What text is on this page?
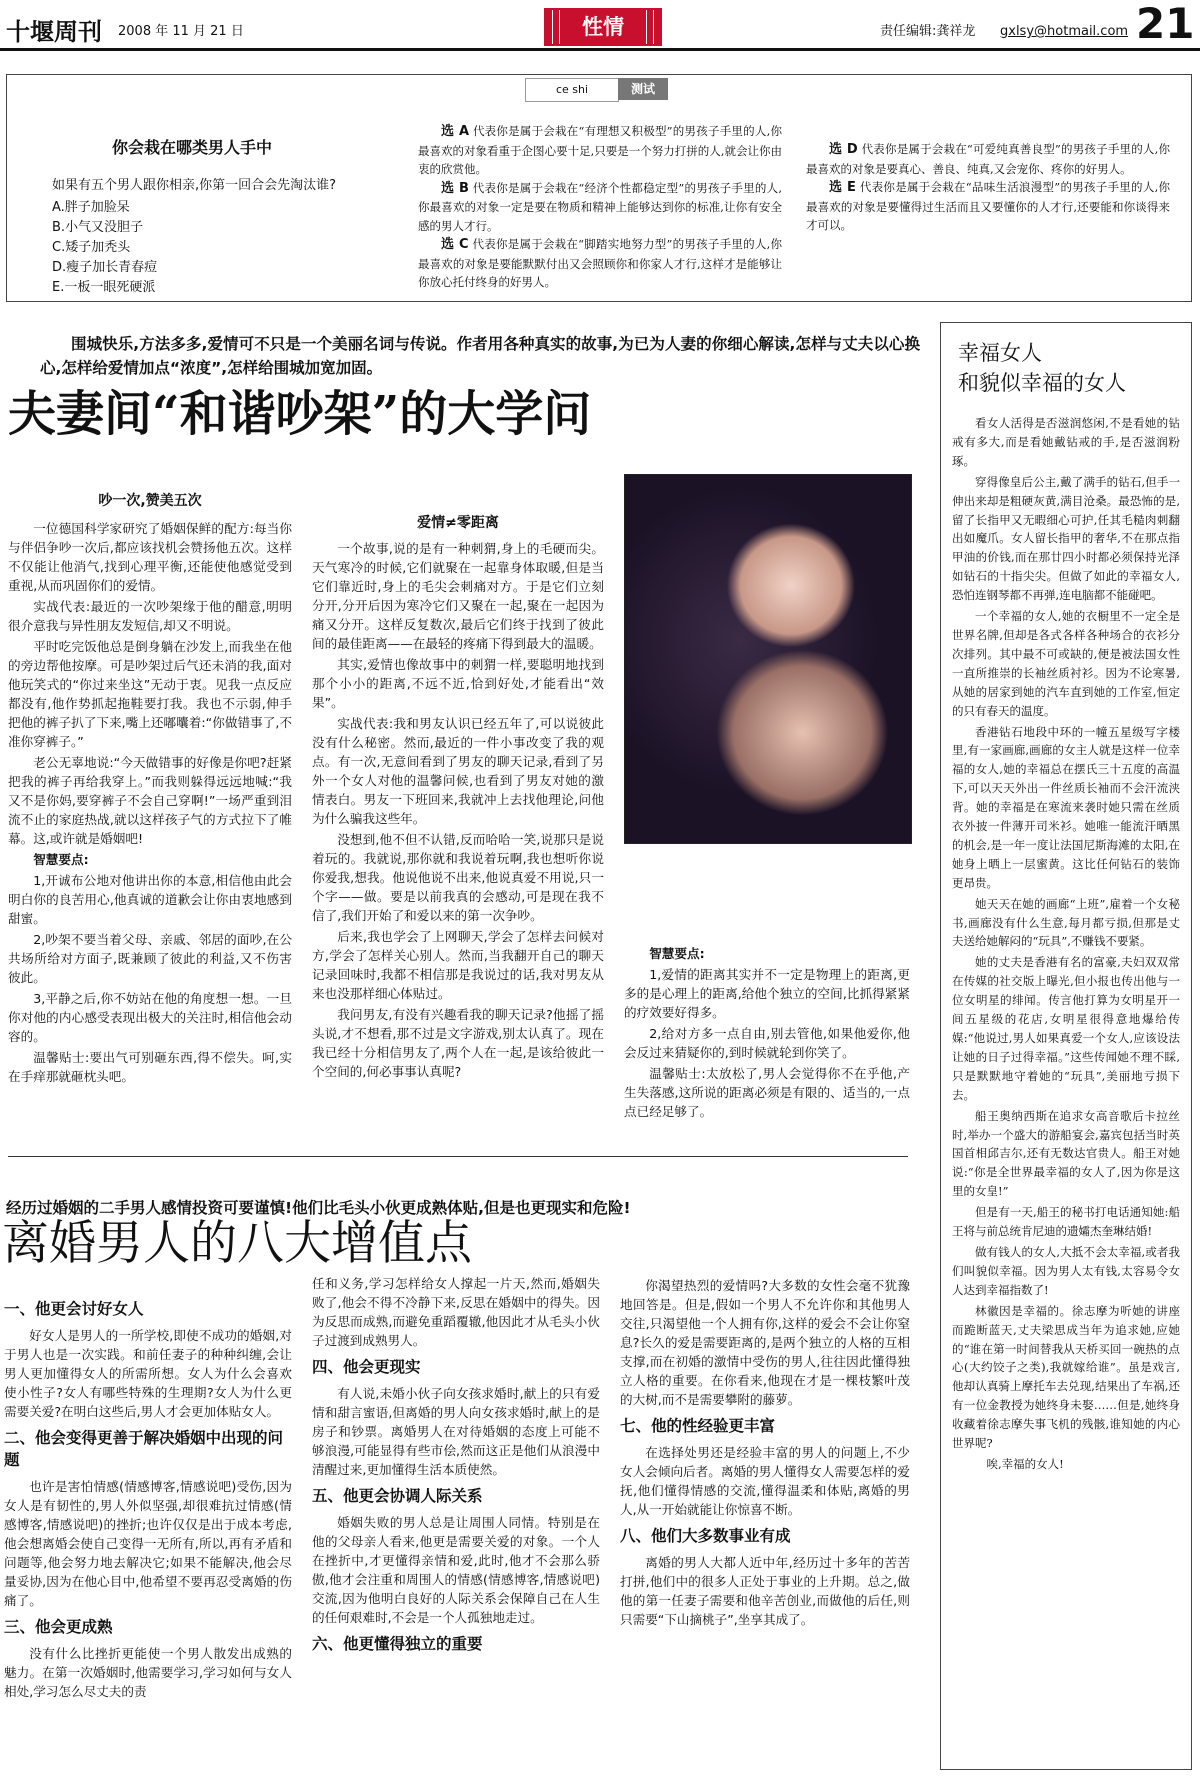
十堰周刊 2008 年 11 月 21 日	性情	责任编辑:龚祥龙 gxlsy@hotmail.com 21
ce shi	测试
你会栽在哪类男人手中
如果有五个男人跟你相亲,你第一回合会先淘汰谁?
A.胖子加脸呆
B.小气又没胆子
C.矮子加秃头
D.瘦子加长青春痘
E.一板一眼死硬派
选 A 代表你是属于会栽在“有理想又积极型”的男孩子手里的人,你最喜欢的对象看重于企图心要十足,只要是一个努力打拼的人,就会让你由衷的欣赏他。
选 B 代表你是属于会栽在“经济个性都稳定型”的男孩子手里的人,你最喜欢的对象一定是要在物质和精神上能够达到你的标准,让你有安全感的男人才行。
选 C 代表你是属于会栽在“脚踏实地努力型”的男孩子手里的人,你最喜欢的对象是要能默默付出又会照顾你和你家人才行,这样才是能够让你放心托付终身的好男人。
选 D 代表你是属于会栽在“可爱纯真善良型”的男孩子手里的人,你最喜欢的对象是要真心、善良、纯真,又会宠你、疼你的好男人。
选 E 代表你是属于会栽在“品味生活浪漫型”的男孩子手里的人,你最喜欢的对象是要懂得过生活而且又要懂你的人才行,还要能和你谈得来才可以。

围城快乐,方法多多,爱情可不只是一个美丽名词与传说。作者用各种真实的故事,为已为人妻的你细心解读,怎样与丈夫以心换心,怎样给爱情加点“浓度”,怎样给围城加宽加固。

夫妻间“和谐吵架”的大学问
吵一次,赞美五次

一位德国科学家研究了婚姻保鲜的配方:每当你与伴侣争吵一次后,都应该找机会赞扬他五次。这样不仅能让他消气,找到心理平衡,还能使他感觉受到重视,从而巩固你们的爱情。

实战代表:最近的一次吵架缘于他的醋意,明明很介意我与异性朋友发短信,却又不明说。

平时吃完饭他总是倒身躺在沙发上,而我坐在他的旁边帮他按摩。可是吵架过后气还未消的我,面对他玩笑式的“你过来坐这”无动于衷。见我一点反应都没有,他作势抓起拖鞋要打我。我也不示弱,伸手把他的裤子扒了下来,嘴上还嘟囔着:“你做错事了,不准你穿裤子。”

老公无辜地说:“今天做错事的好像是你吧?赶紧把我的裤子再给我穿上。”而我则躲得远远地喊:“我又不是你妈,要穿裤子不会自己穿啊!”一场严重到泪流不止的家庭热战,就以这样孩子气的方式拉下了帷幕。这,或许就是婚姻吧!

智慧要点:

1,开诚布公地对他讲出你的本意,相信他由此会明白你的良苦用心,他真诚的道歉会让你由衷地感到甜蜜。

2,吵架不要当着父母、亲戚、邻居的面吵,在公共场所给对方面子,既兼顾了彼此的利益,又不伤害彼此。

3,平静之后,你不妨站在他的角度想一想。一旦你对他的内心感受表现出极大的关注时,相信他会动容的。

温馨贴士:要出气可别砸东西,得不偿失。呵,实在手痒那就砸枕头吧。

爱情≠零距离

一个故事,说的是有一种刺猬,身上的毛硬而尖。天气寒冷的时候,它们就聚在一起靠身体取暖,但是当它们靠近时,身上的毛尖会刺痛对方。于是它们立刻分开,分开后因为寒冷它们又聚在一起,聚在一起因为痛又分开。这样反复数次,最后它们终于找到了彼此间的最佳距离——在最轻的疼痛下得到最大的温暖。

其实,爱情也像故事中的刺猬一样,要聪明地找到那个小小的距离,不远不近,恰到好处,才能看出“效果”。

实战代表:我和男友认识已经五年了,可以说彼此没有什么秘密。然而,最近的一件小事改变了我的观点。有一次,无意间看到了男友的聊天记录,看到了另外一个女人对他的温馨问候,也看到了男友对她的激情表白。男友一下班回来,我就冲上去找他理论,问他为什么骗我这些年。

没想到,他不但不认错,反而哈哈一笑,说那只是说着玩的。我就说,那你就和我说着玩啊,我也想听你说你爱我,想我。他说他说不出来,他说真爱不用说,只一个字——做。要是以前我真的会感动,可是现在我不信了,我们开始了和爱以来的第一次争吵。

后来,我也学会了上网聊天,学会了怎样去问候对方,学会了怎样关心别人。然而,当我翻开自己的聊天记录回味时,我都不相信那是我说过的话,我对男友从来也没那样细心体贴过。

我问男友,有没有兴趣看我的聊天记录?他摇了摇头说,才不想看,那不过是文字游戏,别太认真了。现在我已经十分相信男友了,两个人在一起,是该给彼此一个空间的,何必事事认真呢?

智慧要点:

1,爱情的距离其实并不一定是物理上的距离,更多的是心理上的距离,给他个独立的空间,比抓得紧紧的疗效要好得多。

2,给对方多一点自由,别去管他,如果他爱你,他会反过来猜疑你的,到时候就轮到你笑了。

温馨贴士:太放松了,男人会觉得你不在乎他,产生失落感,这所说的距离必须是有限的、适当的,一点点已经足够了。

幸福女人
和貌似幸福的女人

看女人活得是否滋润悠闲,不是看她的钻戒有多大,而是看她戴钻戒的手,是否滋润粉琢。

穿得像皇后公主,戴了满手的钻石,但手一伸出来却是粗硬灰黄,满目沧桑。最恐怖的是,留了长指甲又无暇细心可护,任其毛糙肉刺翻出如魔爪。女人留长指甲的奢华,不在那点指甲油的价钱,而在那廿四小时都必须保持光泽如钻石的十指尖尖。但做了如此的幸福女人,恐怕连钢琴都不再弹,连电脑都不能碰吧。

一个幸福的女人,她的衣橱里不一定全是世界名牌,但却是各式各样各种场合的衣衫分次排列。其中最不可或缺的,便是被法国女性一直所推崇的长袖丝质衬衫。因为不论寒暑,从她的居家到她的汽车直到她的工作室,恒定的只有春天的温度。

香港钻石地段中环的一幢五星级写字楼里,有一家画廊,画廊的女主人就是这样一位幸福的女人,她的幸福总在摆氏三十五度的高温下,可以天天外出一件丝质长袖而不会汗流浃背。她的幸福是在寒流来袭时她只需在丝质衣外披一件薄开司米衫。她唯一能流汗晒黑的机会,是一年一度让法国尼斯海滩的太阳,在她身上晒上一层蜜黄。这比任何钻石的装饰更昂贵。

她天天在她的画廊“上班”,雇着一个女秘书,画廊没有什么生意,每月都亏损,但那是丈夫送给她解闷的“玩具”,不赚钱不要紧。

她的丈夫是香港有名的富豪,夫妇双双常在传媒的社交版上曝光,但小报也传出他与一位女明星的绯闻。传言他打算为女明星开一间五星级的花店,女明星很得意地爆给传媒:“他说过,男人如果真爱一个女人,应该设法让她的日子过得幸福。”这些传闻她不理不睬,只是默默地守着她的“玩具”,美丽地亏损下去。

船王奥纳西斯在追求女高音歌后卡拉丝时,举办一个盛大的游船宴会,嘉宾包括当时英国首相邱吉尔,还有无数达官贵人。船王对她说:“你是全世界最幸福的女人了,因为你是这里的女皇!”

但是有一天,船王的秘书打电话通知她:船王将与前总统肯尼迪的遗孀杰奎琳结婚!

做有钱人的女人,大抵不会太幸福,或者我们叫貌似幸福。因为男人太有钱,太容易令女人达到幸福指数了!

林徽因是幸福的。徐志摩为听她的讲座而跪断蓝天,丈夫梁思成当年为追求她,应她的“谁在第一时间替我从天桥买回一碗热的点心(大约饺子之类),我就嫁给谁”。虽是戏言,他却认真骑上摩托车去兑现,结果出了车祸,还有一位金教授为她终身未娶……但是,她终身收藏着徐志摩失事飞机的残骸,谁知她的内心世界呢?

唉,幸福的女人!

经历过婚姻的二手男人感情投资可要谨慎!他们比毛头小伙更成熟体贴,但是也更现实和危险!
离婚男人的八大增值点
一、他更会讨好女人

好女人是男人的一所学校,即使不成功的婚姻,对于男人也是一次实践。和前任妻子的种种纠缠,会让男人更加懂得女人的所需所想。女人为什么会喜欢使小性子?女人有哪些特殊的生理期?女人为什么更需要关爱?在明白这些后,男人才会更加体贴女人。

二、他会变得更善于解决婚姻中出现的问题

也许是害怕情感(情感博客,情感说吧)受伤,因为女人是有韧性的,男人外似坚强,却很难抗过情感(情感博客,情感说吧)的挫折;也许仅仅是出于成本考虑,他会想离婚会使自己变得一无所有,所以,再有矛盾和问题等,他会努力地去解决它;如果不能解决,他会尽量妥协,因为在他心目中,他希望不要再忍受离婚的伤痛了。

三、他会更成熟

没有什么比挫折更能使一个男人散发出成熟的魅力。在第一次婚姻时,他需要学习,学习如何与女人相处,学习怎么尽丈夫的责

任和义务,学习怎样给女人撑起一片天,然而,婚姻失败了,他会不得不冷静下来,反思在婚姻中的得失。因为反思而成熟,而避免重蹈覆辙,他因此才从毛头小伙子过渡到成熟男人。

四、他会更现实

有人说,未婚小伙子向女孩求婚时,献上的只有爱情和甜言蜜语,但离婚的男人向女孩求婚时,献上的是房子和钞票。离婚男人在对待婚姻的态度上可能不够浪漫,可能显得有些市侩,然而这正是他们从浪漫中清醒过来,更加懂得生活本质使然。

五、他更会协调人际关系

婚姻失败的男人总是让周围人同情。特别是在他的父母亲人看来,他更是需要关爱的对象。一个人在挫折中,才更懂得亲情和爱,此时,他才不会那么骄傲,他才会注重和周围人的情感(情感博客,情感说吧)交流,因为他明白良好的人际关系会保障自己在人生的任何艰难时,不会是一个人孤独地走过。

六、他更懂得独立的重要

你渴望热烈的爱情吗?大多数的女性会毫不犹豫地回答是。但是,假如一个男人不允许你和其他男人交往,只渴望他一个人拥有你,这样的爱会不会让你窒息?长久的爱是需要距离的,是两个独立的人格的互相支撑,而在初婚的激情中受伤的男人,往往因此懂得独立人格的重要。在你看来,他现在才是一棵枝繁叶茂的大树,而不是需要攀附的藤萝。

七、他的性经验更丰富

在选择处男还是经验丰富的男人的问题上,不少女人会倾向后者。离婚的男人懂得女人需要怎样的爱抚,他们懂得情感的交流,懂得温柔和体贴,离婚的男人,从一开始就能让你惊喜不断。

八、他们大多数事业有成

离婚的男人大都人近中年,经历过十多年的苦苦打拼,他们中的很多人正处于事业的上升期。总之,做他的第一任妻子需要和他辛苦创业,而做他的后任,则只需要“下山摘桃子”,坐享其成了。
